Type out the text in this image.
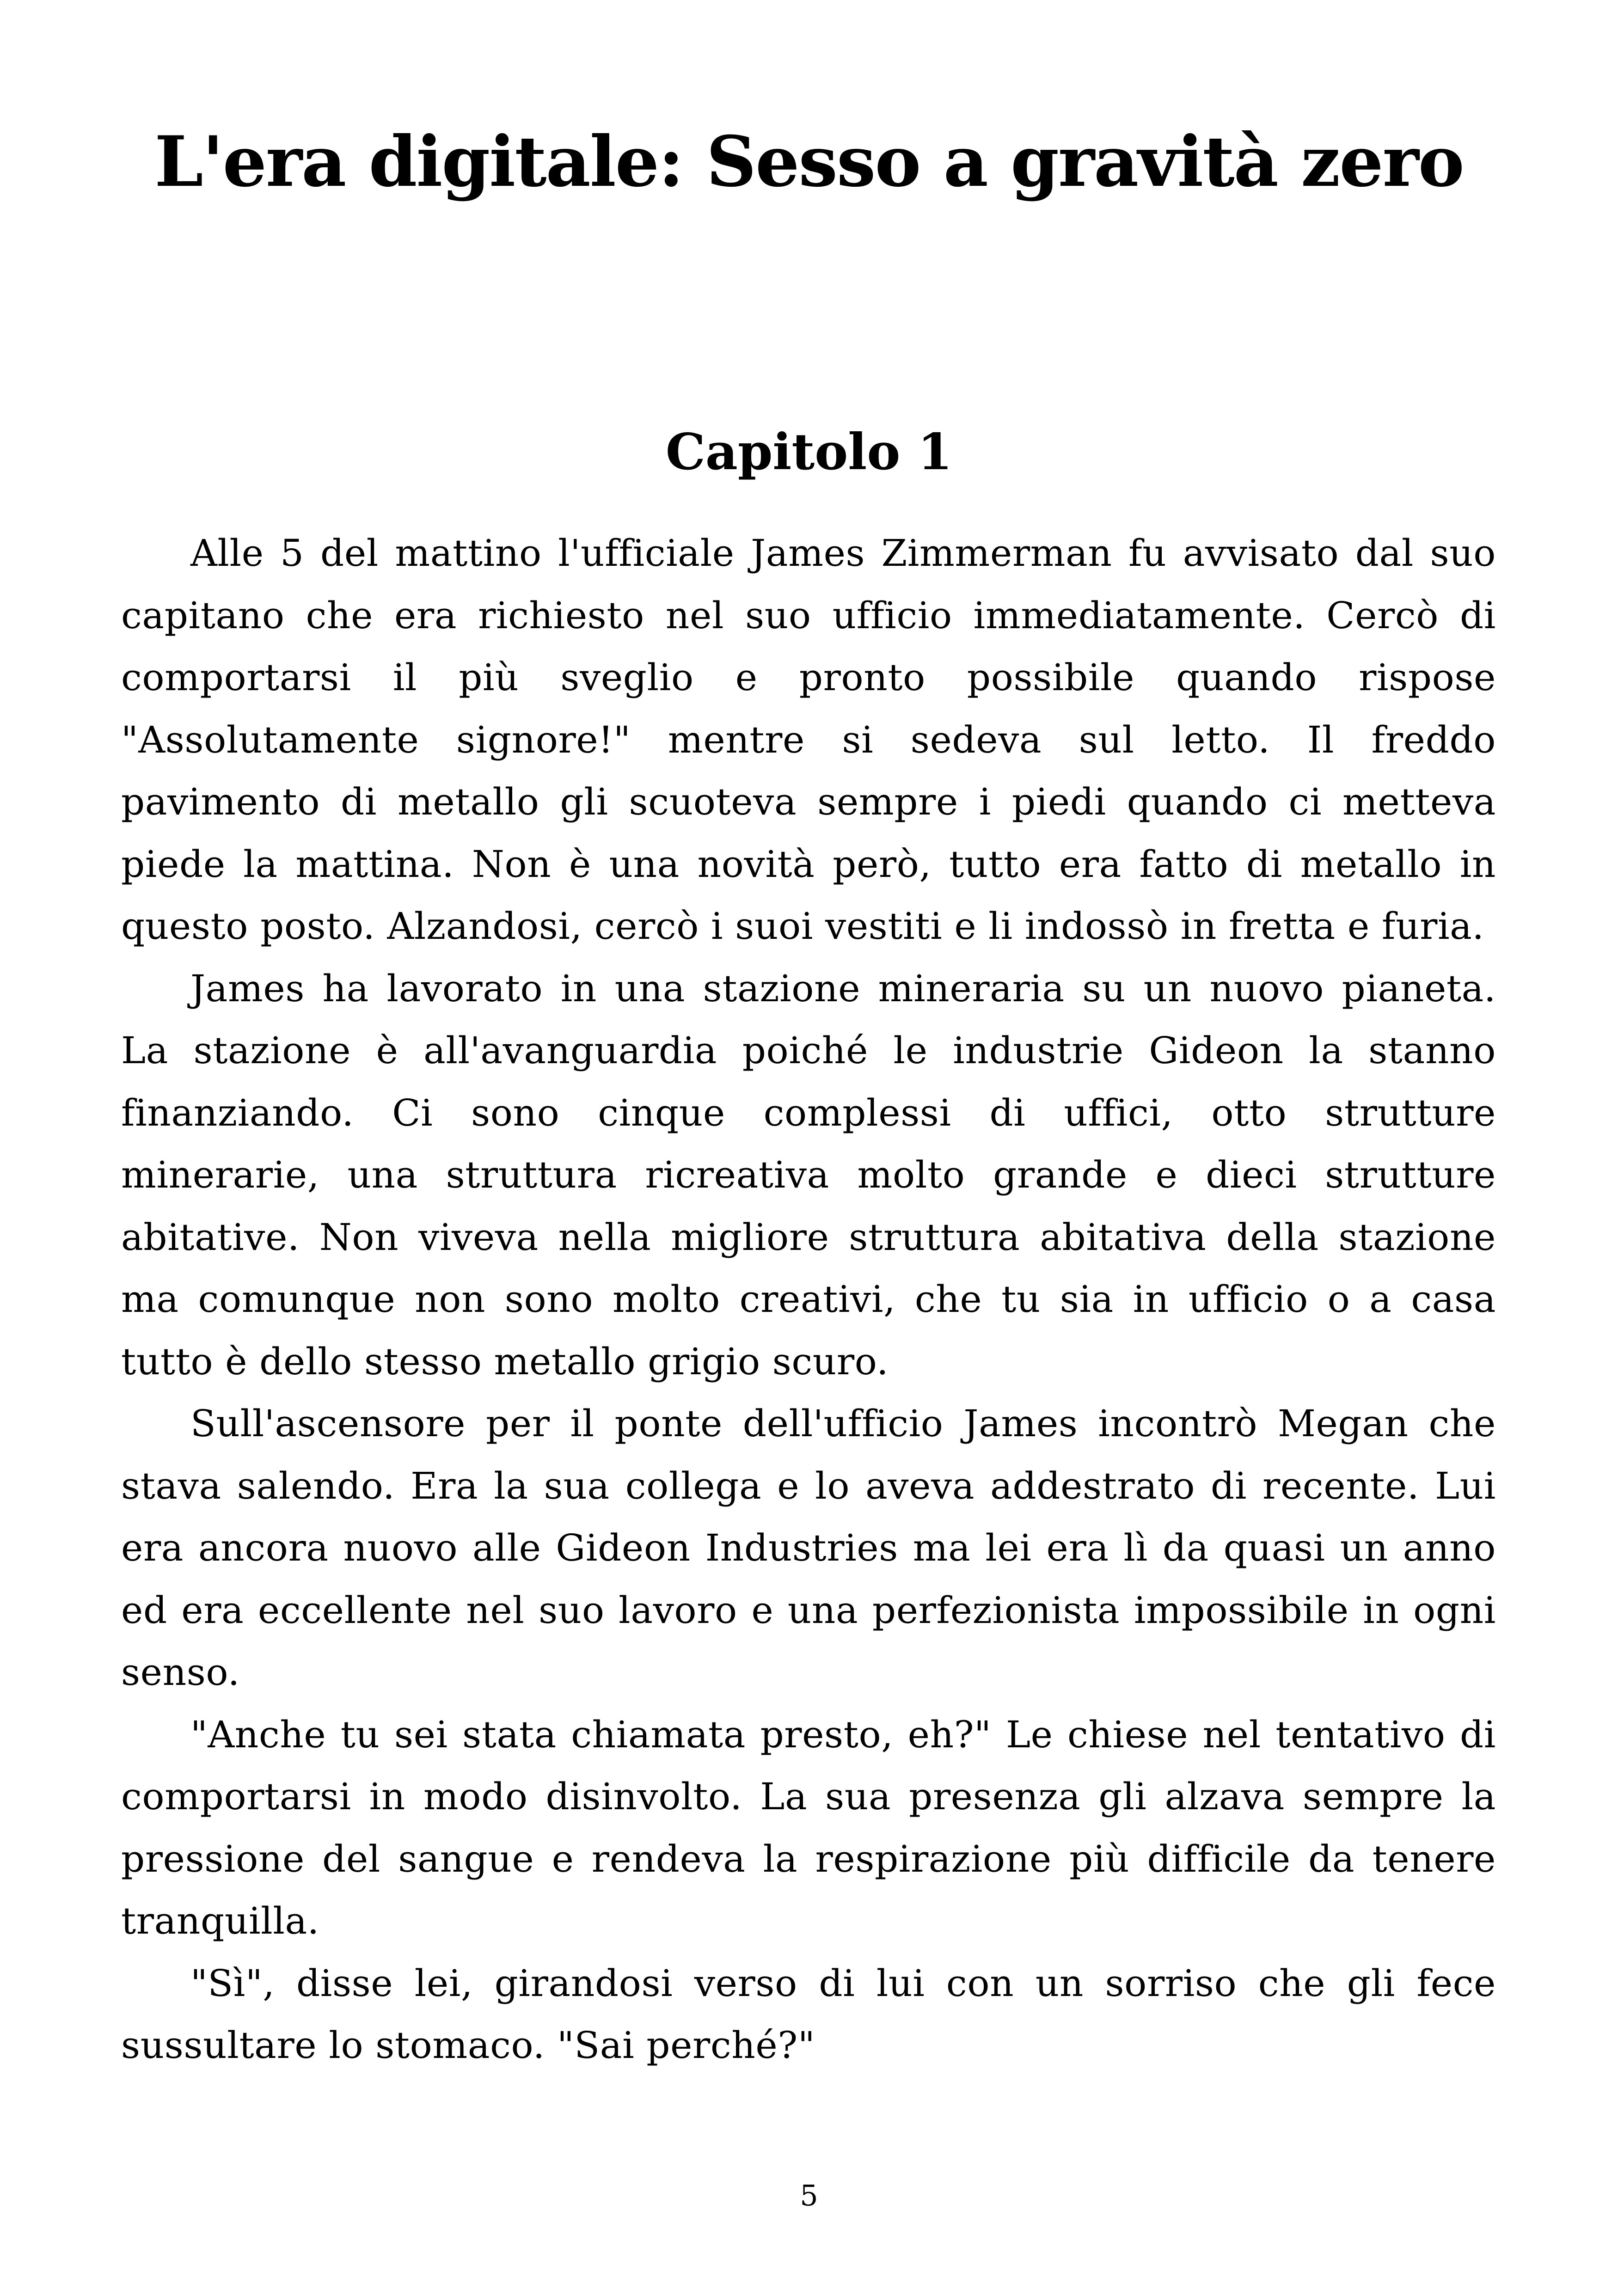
L'era digitale: Sesso a gravità zero
Capitolo 1

Alle 5 del mattino l'ufficiale James Zimmerman fu avvisato dal suo capitano che era richiesto nel suo ufficio immediatamente. Cercò di comportarsi il più sveglio e pronto possibile quando rispose "Assolutamente signore!" mentre si sedeva sul letto. Il freddo pavimento di metallo gli scuoteva sempre i piedi quando ci metteva piede la mattina. Non è una novità però, tutto era fatto di metallo in questo posto. Alzandosi, cercò i suoi vestiti e li indossò in fretta e furia.

James ha lavorato in una stazione mineraria su un nuovo pianeta. La stazione è all'avanguardia poiché le industrie Gideon la stanno finanziando. Ci sono cinque complessi di uffici, otto strutture minerarie, una struttura ricreativa molto grande e dieci strutture abitative. Non viveva nella migliore struttura abitativa della stazione ma comunque non sono molto creativi, che tu sia in ufficio o a casa tutto è dello stesso metallo grigio scuro.

Sull'ascensore per il ponte dell'ufficio James incontrò Megan che stava salendo. Era la sua collega e lo aveva addestrato di recente. Lui era ancora nuovo alle Gideon Industries ma lei era lì da quasi un anno ed era eccellente nel suo lavoro e una perfezionista impossibile in ogni senso.

"Anche tu sei stata chiamata presto, eh?" Le chiese nel tentativo di comportarsi in modo disinvolto. La sua presenza gli alzava sempre la pressione del sangue e rendeva la respirazione più difficile da tenere tranquilla.

"Sì", disse lei, girandosi verso di lui con un sorriso che gli fece sussultare lo stomaco. "Sai perché?"

5
